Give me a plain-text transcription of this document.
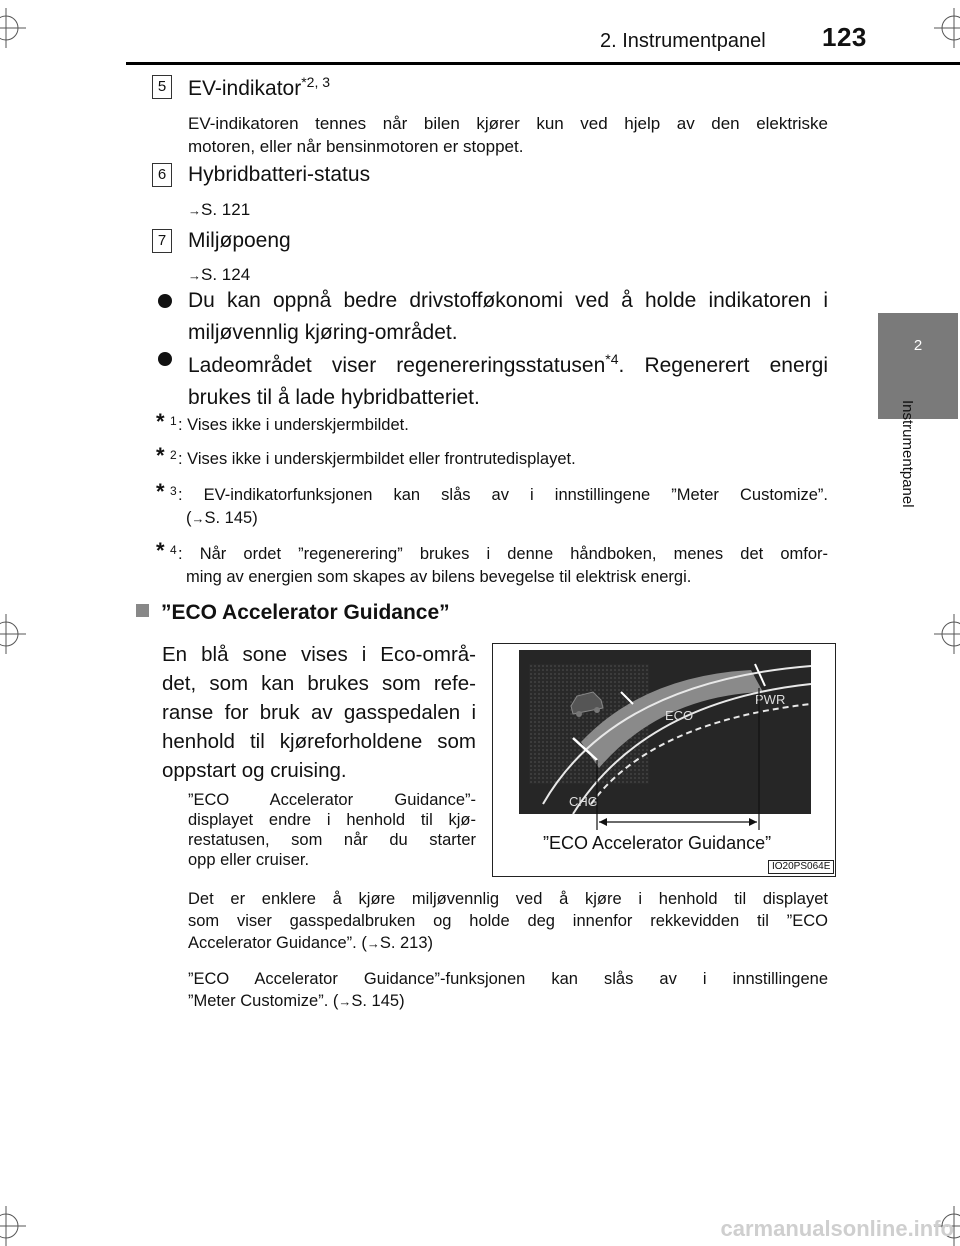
2. Instrumentpanel 123
2
Instrumentpanel
5 EV-indikator$^{*2, 3}$
EV-indikatoren tennes når bilen kjører kun ved hjelp av den elektriske
motoren, eller når bensinmotoren er stoppet.
6 Hybridbatteri-status
→S. 121
7 Miljøpoeng
→S. 124
Du kan oppnå bedre drivstofføkonomi ved å holde indikatoren i
miljøvennlig kjøring-området.
Ladeområdet viser regenereringsstatusen$^{*4}$. Regenerert energi
brukes til å lade hybridbatteriet.
* 1 : Vises ikke i underskjermbildet.
* 2 : Vises ikke i underskjermbildet eller frontrutedisplayet.
* 3 : EV-indikatorfunksjonen kan slås av i innstillingene ”Meter Customize”.
(→S. 145)
* 4 : Når ordet ”regenerering” brukes i denne håndboken, menes det omfor-
ming av energien som skapes av bilens bevegelse til elektrisk energi.
”ECO Accelerator Guidance”
En blå sone vises i Eco-områ-
det, som kan brukes som refe-
ranse for bruk av gasspedalen i
henhold til kjøreforholdene som
oppstart og cruising.
”ECO Accelerator Guidance”-
displayet endre i henhold til kjø-
restatusen, som når du starter
opp eller cruiser.
PWR
ECO
CHG
”ECO Accelerator Guidance”
IO20PS064E
Det er enklere å kjøre miljøvennlig ved å kjøre i henhold til displayet
som viser gasspedalbruken og holde deg innenfor rekkevidden til ”ECO
Accelerator Guidance”. (→S. 213)
”ECO Accelerator Guidance”-funksjonen kan slås av i innstillingene
”Meter Customize”. (→S. 145)
carmanualsonline.info
